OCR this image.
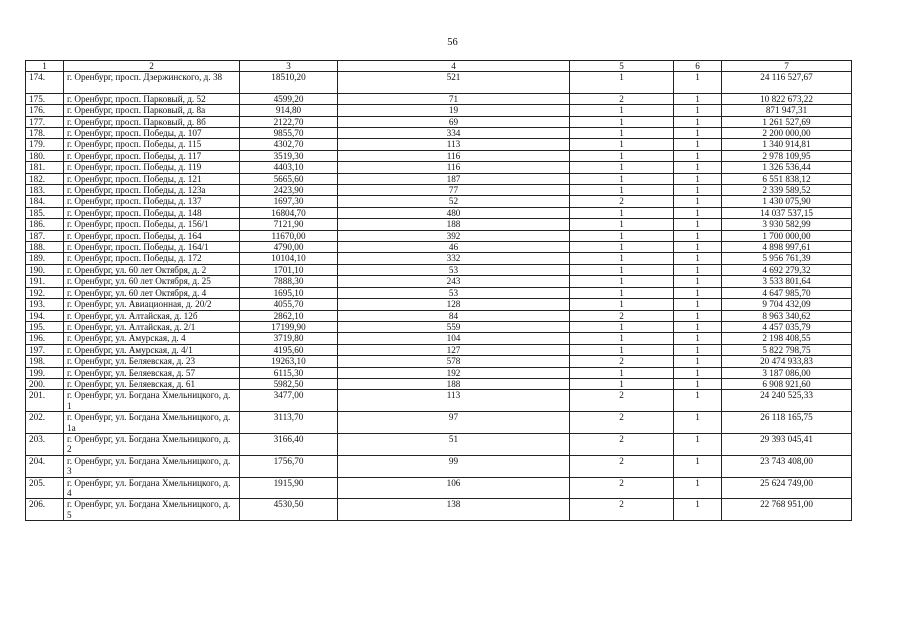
56
1	2	3	4	5	6	7
174.	г. Оренбург, просп. Дзержинского, д. 38	18510,20	521	1	1	24 116 527,67
175.	г. Оренбург, просп. Парковый, д. 52	4599,20	71	2	1	10 822 673,22
176.	г. Оренбург, просп. Парковый, д. 8а	914,80	19	1	1	871 947,31
177.	г. Оренбург, просп. Парковый, д. 8б	2122,70	69	1	1	1 261 527,69
178.	г. Оренбург, просп. Победы, д. 107	9855,70	334	1	1	2 200 000,00
179.	г. Оренбург, просп. Победы, д. 115	4302,70	113	1	1	1 340 914,81
180.	г. Оренбург, просп. Победы, д. 117	3519,30	116	1	1	2 978 109,95
181.	г. Оренбург, просп. Победы, д. 119	4403,10	116	1	1	1 326 536,44
182.	г. Оренбург, просп. Победы, д. 121	5665,60	187	1	1	6 551 838,12
183.	г. Оренбург, просп. Победы, д. 123а	2423,90	77	1	1	2 339 589,52
184.	г. Оренбург, просп. Победы, д. 137	1697,30	52	2	1	1 430 075,90
185.	г. Оренбург, просп. Победы, д. 148	16804,70	480	1	1	14 037 537,15
186.	г. Оренбург, просп. Победы, д. 156/1	7121,90	188	1	1	3 930 582,99
187.	г. Оренбург, просп. Победы, д. 164	11670,00	392	1	1	1 700 000,00
188.	г. Оренбург, просп. Победы, д. 164/1	4790,00	46	1	1	4 898 997,61
189.	г. Оренбург, просп. Победы, д. 172	10104,10	332	1	1	5 956 761,39
190.	г. Оренбург, ул. 60 лет Октября, д. 2	1701,10	53	1	1	4 692 279,32
191.	г. Оренбург, ул. 60 лет Октября, д. 25	7888,30	243	1	1	3 533 801,64
192.	г. Оренбург, ул. 60 лет Октября, д. 4	1695,10	53	1	1	4 647 985,70
193.	г. Оренбург, ул. Авиационная, д. 20/2	4055,70	128	1	1	9 704 432,09
194.	г. Оренбург, ул. Алтайская, д. 12б	2862,10	84	2	1	8 963 340,62
195.	г. Оренбург, ул. Алтайская, д. 2/1	17199,90	559	1	1	4 457 035,79
196.	г. Оренбург, ул. Амурская, д. 4	3719,80	104	1	1	2 198 408,55
197.	г. Оренбург, ул. Амурская, д. 4/1	4195,60	127	1	1	5 822 798,75
198.	г. Оренбург, ул. Беляевская, д. 23	19263,10	578	2	1	20 474 933,83
199.	г. Оренбург, ул. Беляевская, д. 57	6115,30	192	1	1	3 187 086,00
200.	г. Оренбург, ул. Беляевская, д. 61	5982,50	188	1	1	6 908 921,60
201.	г. Оренбург, ул. Богдана Хмельницкого, д. 1	3477,00	113	2	1	24 240 525,33
202.	г. Оренбург, ул. Богдана Хмельницкого, д. 1а	3113,70	97	2	1	26 118 165,75
203.	г. Оренбург, ул. Богдана Хмельницкого, д. 2	3166,40	51	2	1	29 393 045,41
204.	г. Оренбург, ул. Богдана Хмельницкого, д. 3	1756,70	99	2	1	23 743 408,00
205.	г. Оренбург, ул. Богдана Хмельницкого, д. 4	1915,90	106	2	1	25 624 749,00
206.	г. Оренбург, ул. Богдана Хмельницкого, д. 5	4530,50	138	2	1	22 768 951,00
